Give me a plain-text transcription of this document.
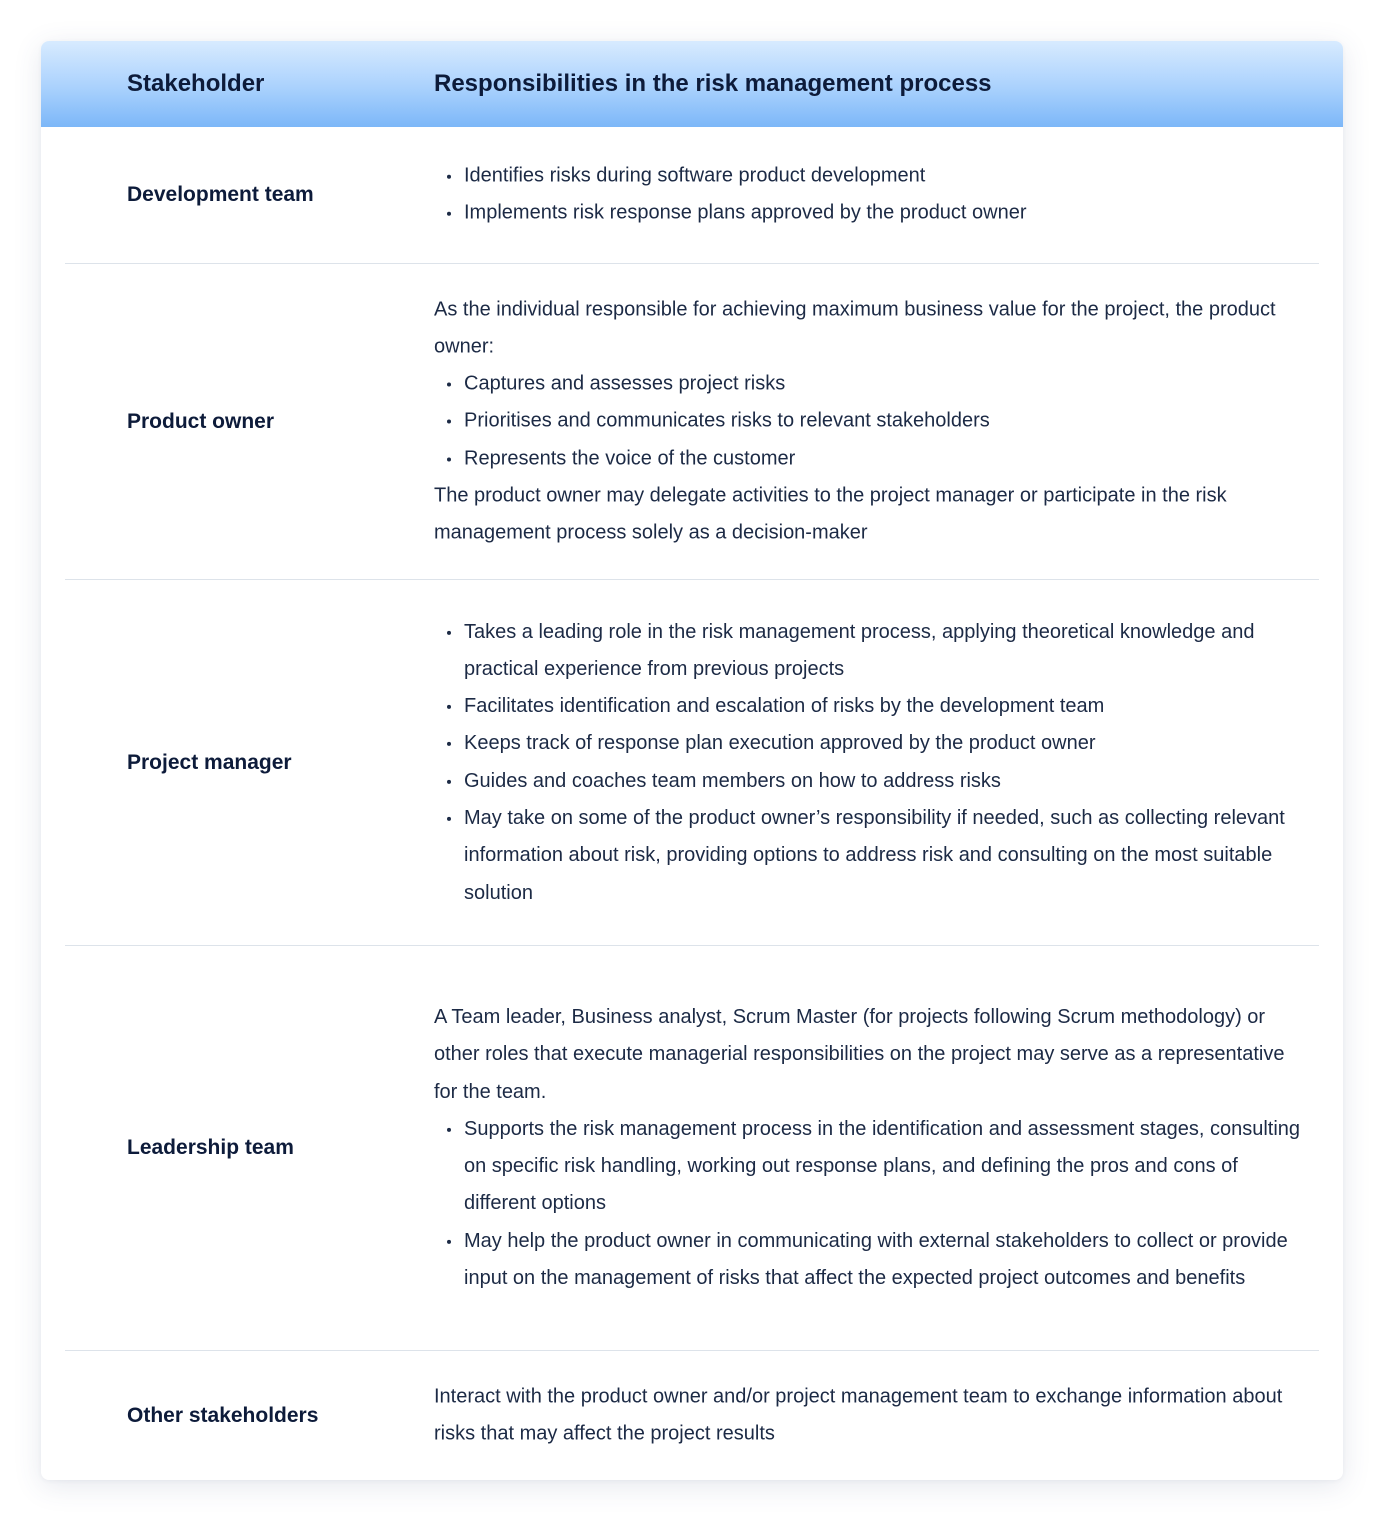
Stakeholder	Responsibilities in the risk management process
Development team
Identifies risks during software product development
Implements risk response plans approved by the product owner
Product owner

As the individual responsible for achieving maximum business value for the project, the product owner:

Captures and assesses project risks
Prioritises and communicates risks to relevant stakeholders
Represents the voice of the customer

The product owner may delegate activities to the project manager or participate in the risk management process solely as a decision-maker

Project manager
Takes a leading role in the risk management process, applying theoretical knowledge and practical experience from previous projects
Facilitates identification and escalation of risks by the development team
Keeps track of response plan execution approved by the product owner
Guides and coaches team members on how to address risks
May take on some of the product owner’s responsibility if needed, such as collecting relevant information about risk, providing options to address risk and consulting on the most suitable solution
Leadership team

A Team leader, Business analyst, Scrum Master (for projects following Scrum methodology) or other roles that execute managerial responsibilities on the project may serve as a representative for the team.

Supports the risk management process in the identification and assessment stages, consulting on specific risk handling, working out response plans, and defining the pros and cons of different options
May help the product owner in communicating with external stakeholders to collect or provide input on the management of risks that affect the expected project outcomes and benefits
Other stakeholders

Interact with the product owner and/or project management team to exchange information about risks that may affect the project results
